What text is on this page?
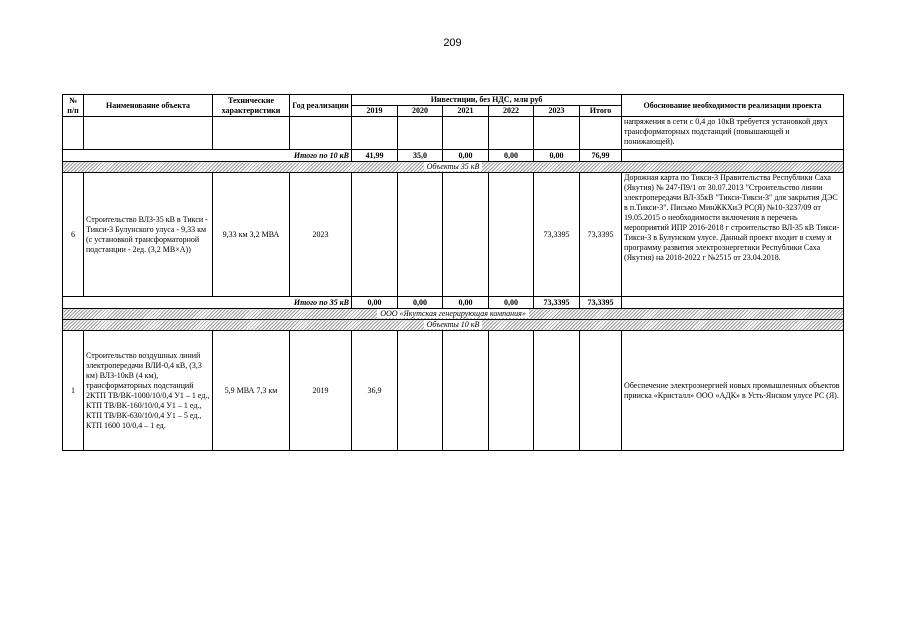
209
№ п/п	Наименование объекта	Технические характеристики	Год реализации	Инвестиции, без НДС, млн руб						Обоснование необходимости реализации проекта
				2019	2020	2021	2022	2023	Итого	
										напряжения в сети с 0,4 до 10кВ требуется установкой двух трансформаторных подстанций (повышающей и понижающей).
Итого по 10 кВ				41,99	35,0	0,00	0,00	0,00	76,99	
Объекты 35 кВ										
6	Строительство ВЛЗ-35 кВ в Тикси - Тикси-3 Булунского улуса - 9,33 км (с установкой трансформаторной подстанции - 2ед. (3,2 МВ×А))	9,33 км 3,2 МВА	2023					73,3395	73,3395	Дорожная карта по Тикси-3 Правительства Республики Саха (Якутия) № 247-П9/1 от 30.07.2013 "Строительство линии электропередачи ВЛ-35кВ "Тикси-Тикси-3" для закрытия ДЭС в п.Тикси-3". Письмо МинЖКХиЭ РС(Я) №10-3237/09 от 19.05.2015 о необходимости включения в перечень мероприятий ИПР 2016-2018 г строительство ВЛ-35 кВ Тикси-Тикси-3 в Булунском улусе. Данный проект входит в схему и программу развития электроэнергетики Республики Саха (Якутия) на 2018-2022 г №2515 от 23.04.2018.
Итого по 35 кВ				0,00	0,00	0,00	0,00	73,3395	73,3395	
ООО «Якутская генерирующая компания»										
Объекты 10 кВ										
1	Строительство воздушных линий электропередачи ВЛИ-0,4 кВ, (3,3 км) ВЛЗ-10кВ (4 км), трансформаторных подстанций 2КТП ТВ/ВК-1000/10/0,4 У1 – 1 ед., КТП ТВ/ВК-160/10/0,4 У1 – 1 ед., КТП ТВ/ВК-630/10/0,4 У1 – 5 ед., КТП 1600 10/0,4 – 1 ед.	5,9 МВА 7,3 км	2019	36,9						Обеспечение электроэнергией новых промышленных объектов прииска «Кристалл» ООО «АДК» в Усть-Янском улусе РС (Я).
